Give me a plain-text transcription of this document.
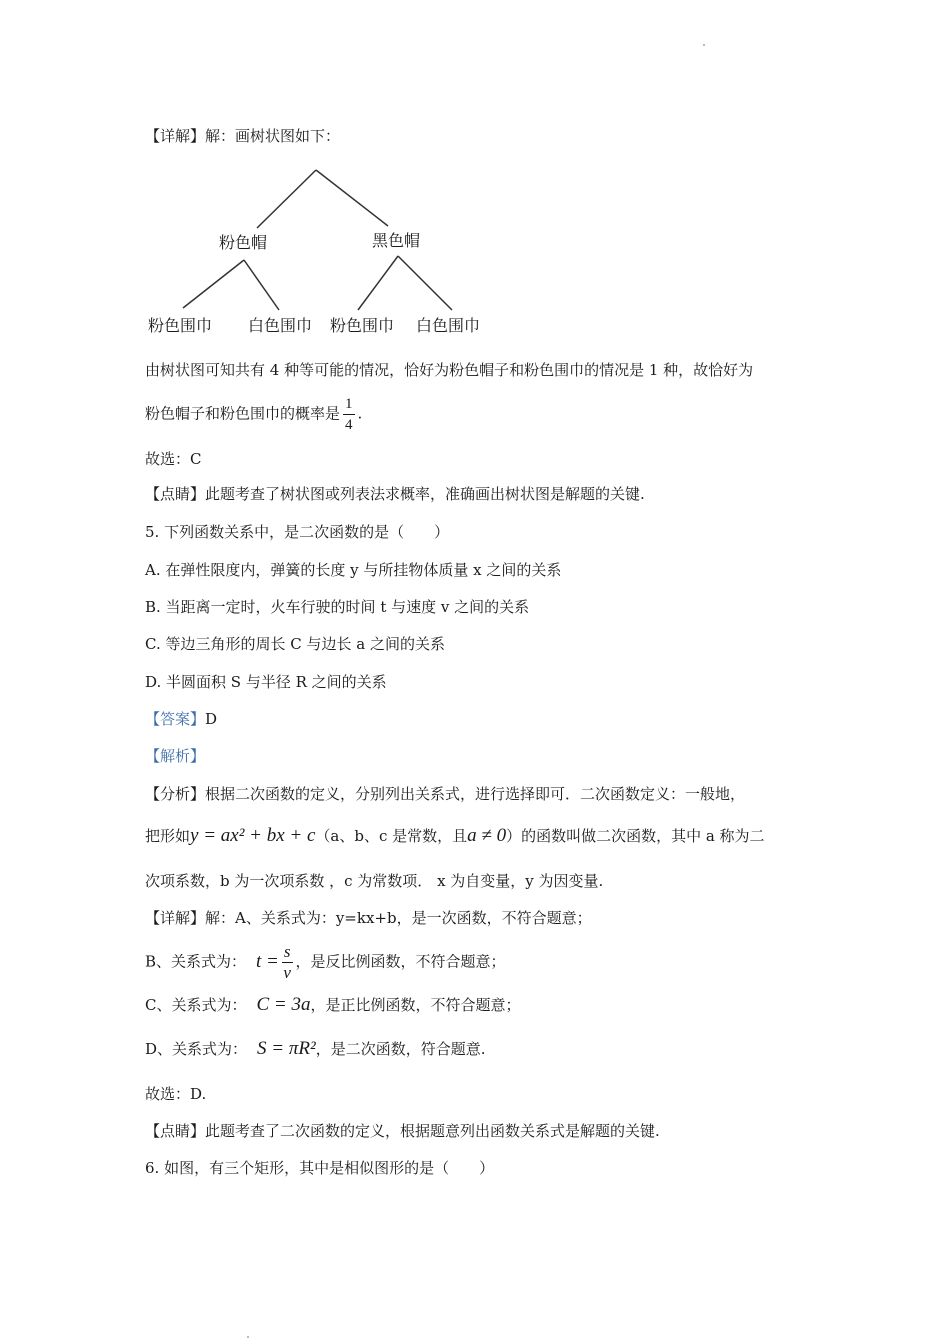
【详解】解：画树状图如下：
粉色帽	黑色帽
粉色围巾 白色围巾 粉色围巾 白色围巾
由树状图可知共有 4 种等可能的情况，恰好为粉色帽子和粉色围巾的情况是 1 种，故恰好为
粉色帽子和粉色围巾的概率是 $\frac{1}{4}$ .
故选：C
【点睛】此题考查了树状图或列表法求概率，准确画出树状图是解题的关键.
5. 下列函数关系中，是二次函数的是（　　）
A. 在弹性限度内，弹簧的长度 y 与所挂物体质量 x 之间的关系
B. 当距离一定时，火车行驶的时间 t 与速度 v 之间的关系
C. 等边三角形的周长 C 与边长 a 之间的关系
D. 半圆面积 S 与半径 R 之间的关系
【答案】D
【解析】
【分析】根据二次函数的定义，分别列出关系式，进行选择即可．二次函数定义：一般地，
把形如y = ax² + bx + c（a、b、c 是常数，且a ≠ 0）的函数叫做二次函数，其中 a 称为二
次项系数，b 为一次项系数 ，c 为常数项． x 为自变量，y 为因变量.
【详解】解：A、关系式为：y=kx+b，是一次函数，不符合题意；
B、关系式为： $t = \frac{s}{v}$ ，是反比例函数，不符合题意；
C、关系式为： C = 3a，是正比例函数，不符合题意；
D、关系式为： S = πR²，是二次函数，符合题意.
故选：D.
【点睛】此题考查了二次函数的定义，根据题意列出函数关系式是解题的关键.
6. 如图，有三个矩形，其中是相似图形的是（　　）
